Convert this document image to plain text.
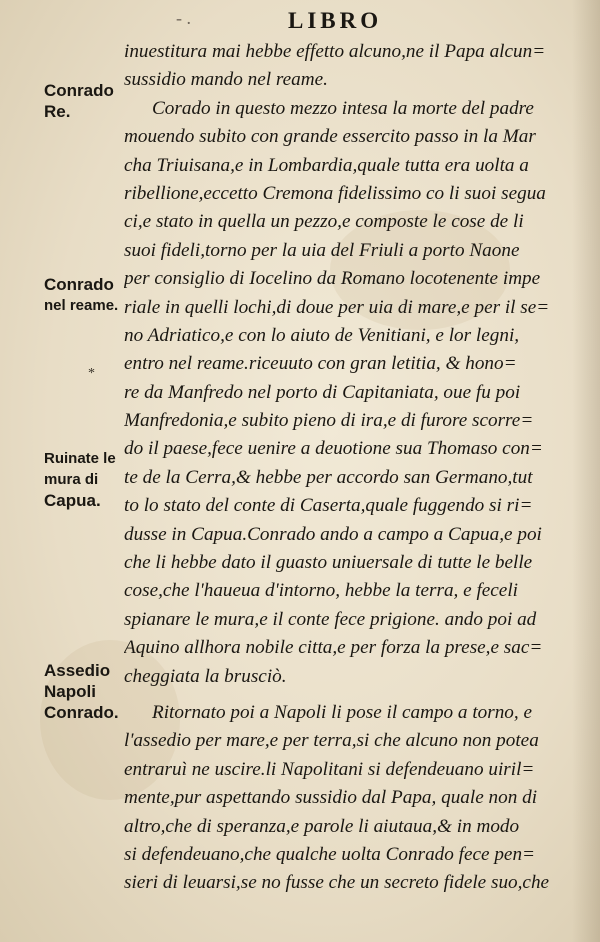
- .	LIBRO
Conrado
Re.
Conrado
nel reame.
Ruinate le
mura di
Capua.
Assedio
Napoli
Conrado.
*
inuestitura mai hebbe effetto alcuno,ne il Papa alcun=
sussidio mando nel reame.
Corado in questo mezzo intesa la morte del padre
mouendo subito con grande essercito passo in la Mar
cha Triuisana,e in Lombardia,quale tutta era uolta a
ribellione,eccetto Cremona fidelissimo co li suoi segua
ci,e stato in quella un pezzo,e composte le cose de li
suoi fideli,torno per la uia del Friuli a porto Naone
per consiglio di Iocelino da Romano locotenente impe
riale in quelli lochi,di doue per uia di mare,e per il se=
no Adriatico,e con lo aiuto de Venitiani, e lor legni,
entro nel reame.riceuuto con gran letitia, & hono=
re da Manfredo nel porto di Capitaniata, oue fu poi
Manfredonia,e subito pieno di ira,e di furore scorre=
do il paese,fece uenire a deuotione sua Thomaso con=
te de la Cerra,& hebbe per accordo san Germano,tut
to lo stato del conte di Caserta,quale fuggendo si ri=
dusse in Capua.Conrado ando a campo a Capua,e poi
che li hebbe dato il guasto uniuersale di tutte le belle
cose,che l'haueua d'intorno, hebbe la terra, e feceli
spianare le mura,e il conte fece prigione. ando poi ad
Aquino allhora nobile citta,e per forza la prese,e sac=
cheggiata la brusciò.
Ritornato poi a Napoli li pose il campo a torno, e
l'assedio per mare,e per terra,si che alcuno non potea
entraruì ne uscire.li Napolitani si defendeuano uiril=
mente,pur aspettando sussidio dal Papa, quale non di
altro,che di speranza,e parole li aiutaua,& in modo
si defendeuano,che qualche uolta Conrado fece pen=
sieri di leuarsi,se no fusse che un secreto fidele suo,che
